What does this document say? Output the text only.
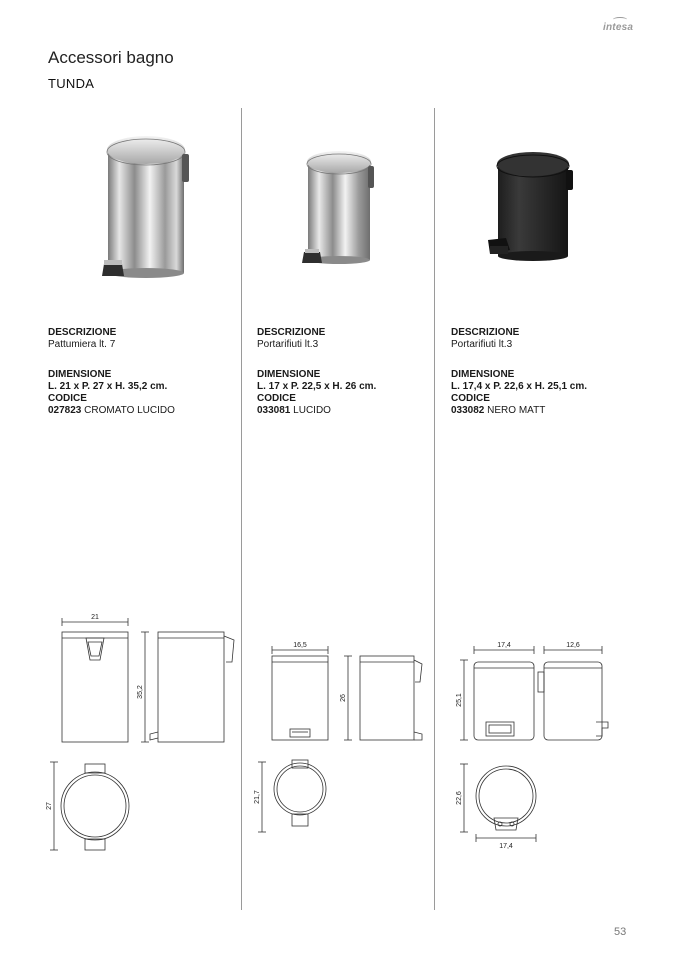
intesa
Accessori bagno
TUNDA
DESCRIZIONE
Pattumiera lt. 7
DIMENSIONE
L. 21 x P. 27 x H. 35,2 cm.
CODICE
027823 CROMATO LUCIDO
DESCRIZIONE
Portarifiuti lt.3
DIMENSIONE
L. 17 x P. 22,5 x H. 26 cm.
CODICE
033081 LUCIDO
DESCRIZIONE
Portarifiuti lt.3
DIMENSIONE
L. 17,4 x P. 22,6 x H. 25,1 cm.
CODICE
033082 NERO MATT
21
35,2
27
16,5
26
21,7
17,4	12,6
25,1
22,6
17,4
53
